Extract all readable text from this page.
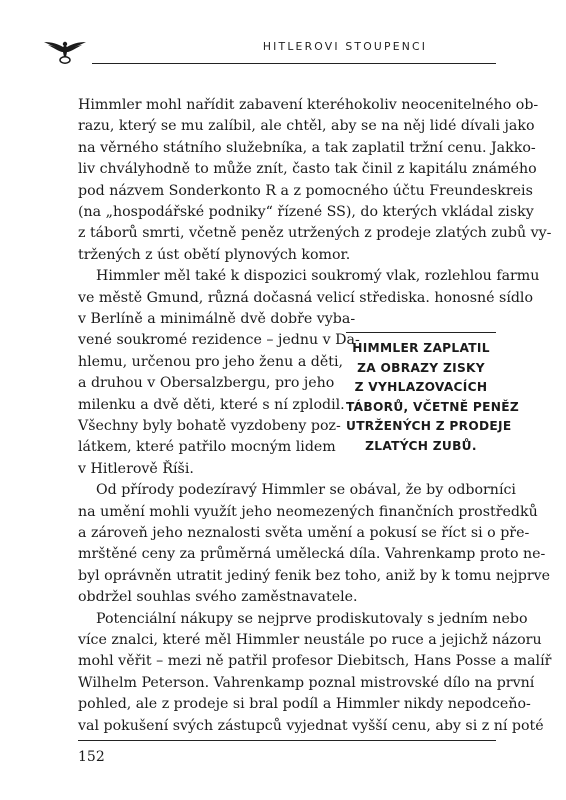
HITLEROVI STOUPENCI
Himmler mohl nařídit zabavení kteréhokoliv neocenitelného ob-
razu, který se mu zalíbil, ale chtěl, aby se na něj lidé dívali jako
na věrného státního služebníka, a tak zaplatil tržní cenu. Jakko-
liv chvályhodně to může znít, často tak činil z kapitálu známého
pod názvem Sonderkonto R a z pomocného účtu Freundeskreis
(na „hospodářské podniky“ řízené SS), do kterých vkládal zisky
z táborů smrti, včetně peněz utržených z prodeje zlatých zubů vy-
tržených z úst obětí plynových komor.
Himmler měl také k dispozici soukromý vlak, rozlehlou farmu
ve městě Gmund, různá dočasná velicí střediska. honosné sídlo
v Berlíně a minimálně dvě dobře vyba-
vené soukromé rezidence – jednu v Da-
hlemu, určenou pro jeho ženu a děti,
a druhou v Obersalzbergu, pro jeho
milenku a dvě děti, které s ní zplodil.
Všechny byly bohatě vyzdobeny poz-
látkem, které patřilo mocným lidem
v Hitlerově Říši.
Od přírody podezíravý Himmler se obával, že by odborníci
na umění mohli využít jeho neomezených finančních prostředků
a zároveň jeho neznalosti světa umění a pokusí se říct si o pře-
mrštěné ceny za průměrná umělecká díla. Vahrenkamp proto ne-
byl oprávněn utratit jediný fenik bez toho, aniž by k tomu nejprve
obdržel souhlas svého zaměstnavatele.
Potenciální nákupy se nejprve prodiskutovaly s jedním nebo
více znalci, které měl Himmler neustále po ruce a jejichž názoru
mohl věřit – mezi ně patřil profesor Diebitsch, Hans Posse a malíř
Wilhelm Peterson. Vahrenkamp poznal mistrovské dílo na první
pohled, ale z prodeje si bral podíl a Himmler nikdy nepodceňo-
val pokušení svých zástupců vyjednat vyšší cenu, aby si z ní poté
HIMMLER ZAPLATIL
ZA OBRAZY ZISKY
Z VYHLAZOVACÍCH
TÁBORŮ, VČETNĚ PENĚZ
UTRŽENÝCH Z PRODEJE
ZLATÝCH ZUBŮ.
152
